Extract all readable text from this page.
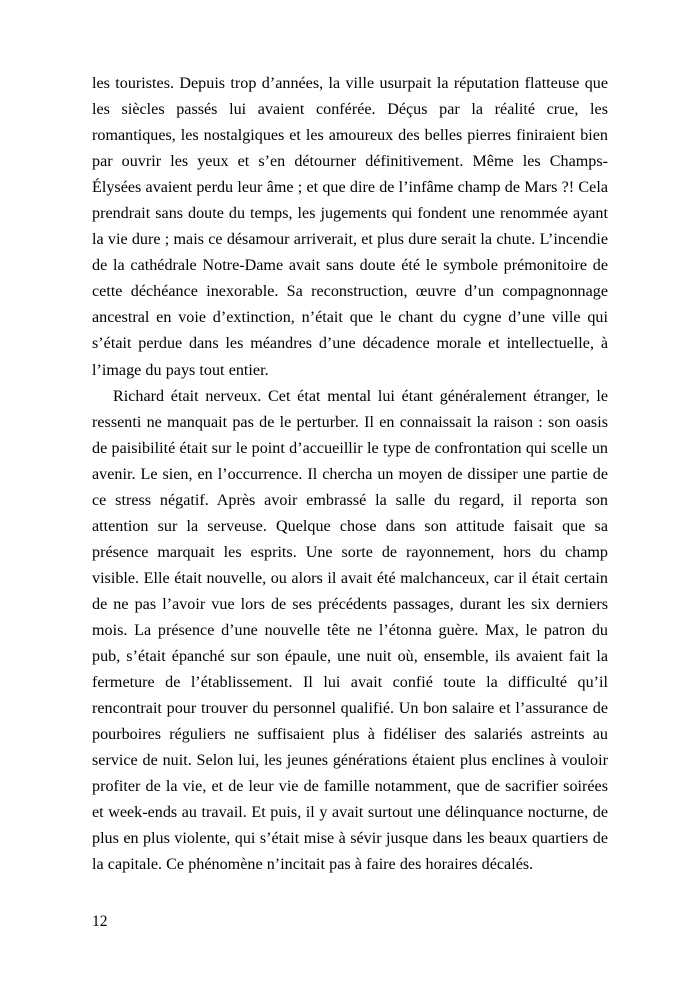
les touristes. Depuis trop d’années, la ville usurpait la réputation flatteuse que les siècles passés lui avaient conférée. Déçus par la réalité crue, les romantiques, les nostalgiques et les amoureux des belles pierres finiraient bien par ouvrir les yeux et s’en détourner définitivement. Même les Champs-Élysées avaient perdu leur âme ; et que dire de l’infâme champ de Mars ?! Cela prendrait sans doute du temps, les jugements qui fondent une renommée ayant la vie dure ; mais ce désamour arriverait, et plus dure serait la chute. L’incendie de la cathédrale Notre-Dame avait sans doute été le symbole prémonitoire de cette déchéance inexorable. Sa reconstruction, œuvre d’un compagnonnage ancestral en voie d’extinction, n’était que le chant du cygne d’une ville qui s’était perdue dans les méandres d’une décadence morale et intellectuelle, à l’image du pays tout entier.

Richard était nerveux. Cet état mental lui étant généralement étranger, le ressenti ne manquait pas de le perturber. Il en connaissait la raison : son oasis de paisibilité était sur le point d’accueillir le type de confrontation qui scelle un avenir. Le sien, en l’occurrence. Il chercha un moyen de dissiper une partie de ce stress négatif. Après avoir embrassé la salle du regard, il reporta son attention sur la serveuse. Quelque chose dans son attitude faisait que sa présence marquait les esprits. Une sorte de rayonnement, hors du champ visible. Elle était nouvelle, ou alors il avait été malchanceux, car il était certain de ne pas l’avoir vue lors de ses précédents passages, durant les six derniers mois. La présence d’une nouvelle tête ne l’étonna guère. Max, le patron du pub, s’était épanché sur son épaule, une nuit où, ensemble, ils avaient fait la fermeture de l’établissement. Il lui avait confié toute la difficulté qu’il rencontrait pour trouver du personnel qualifié. Un bon salaire et l’assurance de pourboires réguliers ne suffisaient plus à fidéliser des salariés astreints au service de nuit. Selon lui, les jeunes générations étaient plus enclines à vouloir profiter de la vie, et de leur vie de famille notamment, que de sacrifier soirées et week-ends au travail. Et puis, il y avait surtout une délinquance nocturne, de plus en plus violente, qui s’était mise à sévir jusque dans les beaux quartiers de la capitale. Ce phénomène n’incitait pas à faire des horaires décalés.

12
